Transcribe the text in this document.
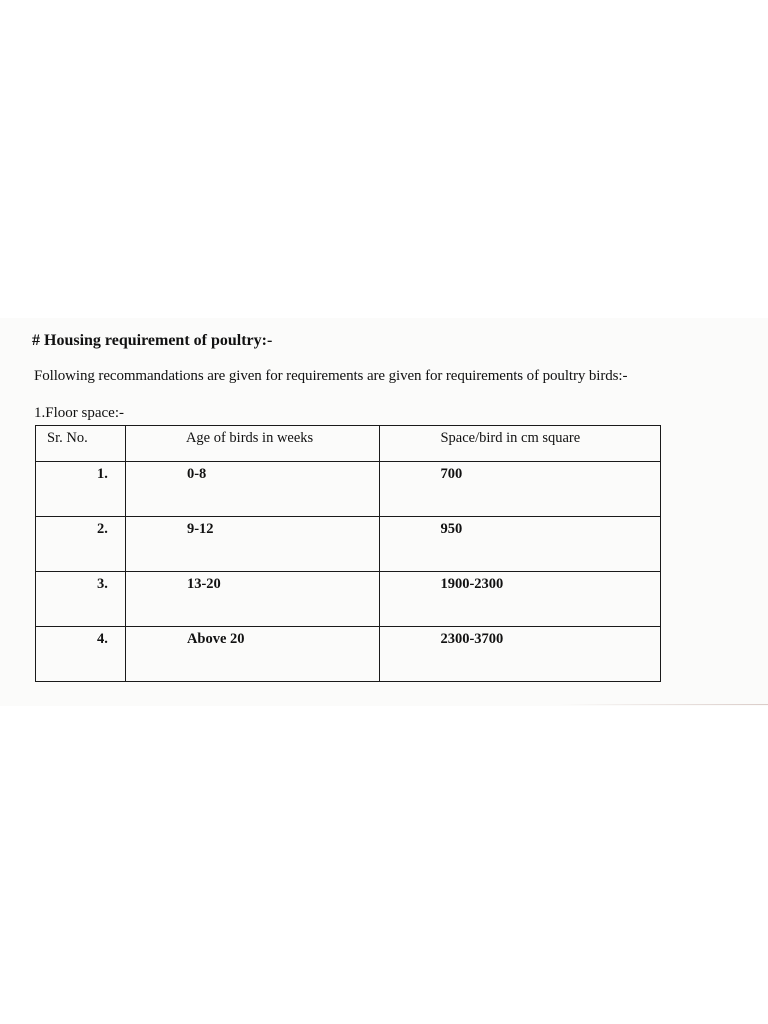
# Housing requirement of poultry:-
Following recommandations are given for requirements are given for requirements of poultry birds:-
1.Floor space:-
Sr. No.	Age of birds in weeks	Space/bird in cm square
1.	0-8	700
2.	9-12	950
3.	13-20	1900-2300
4.	Above 20	2300-3700
